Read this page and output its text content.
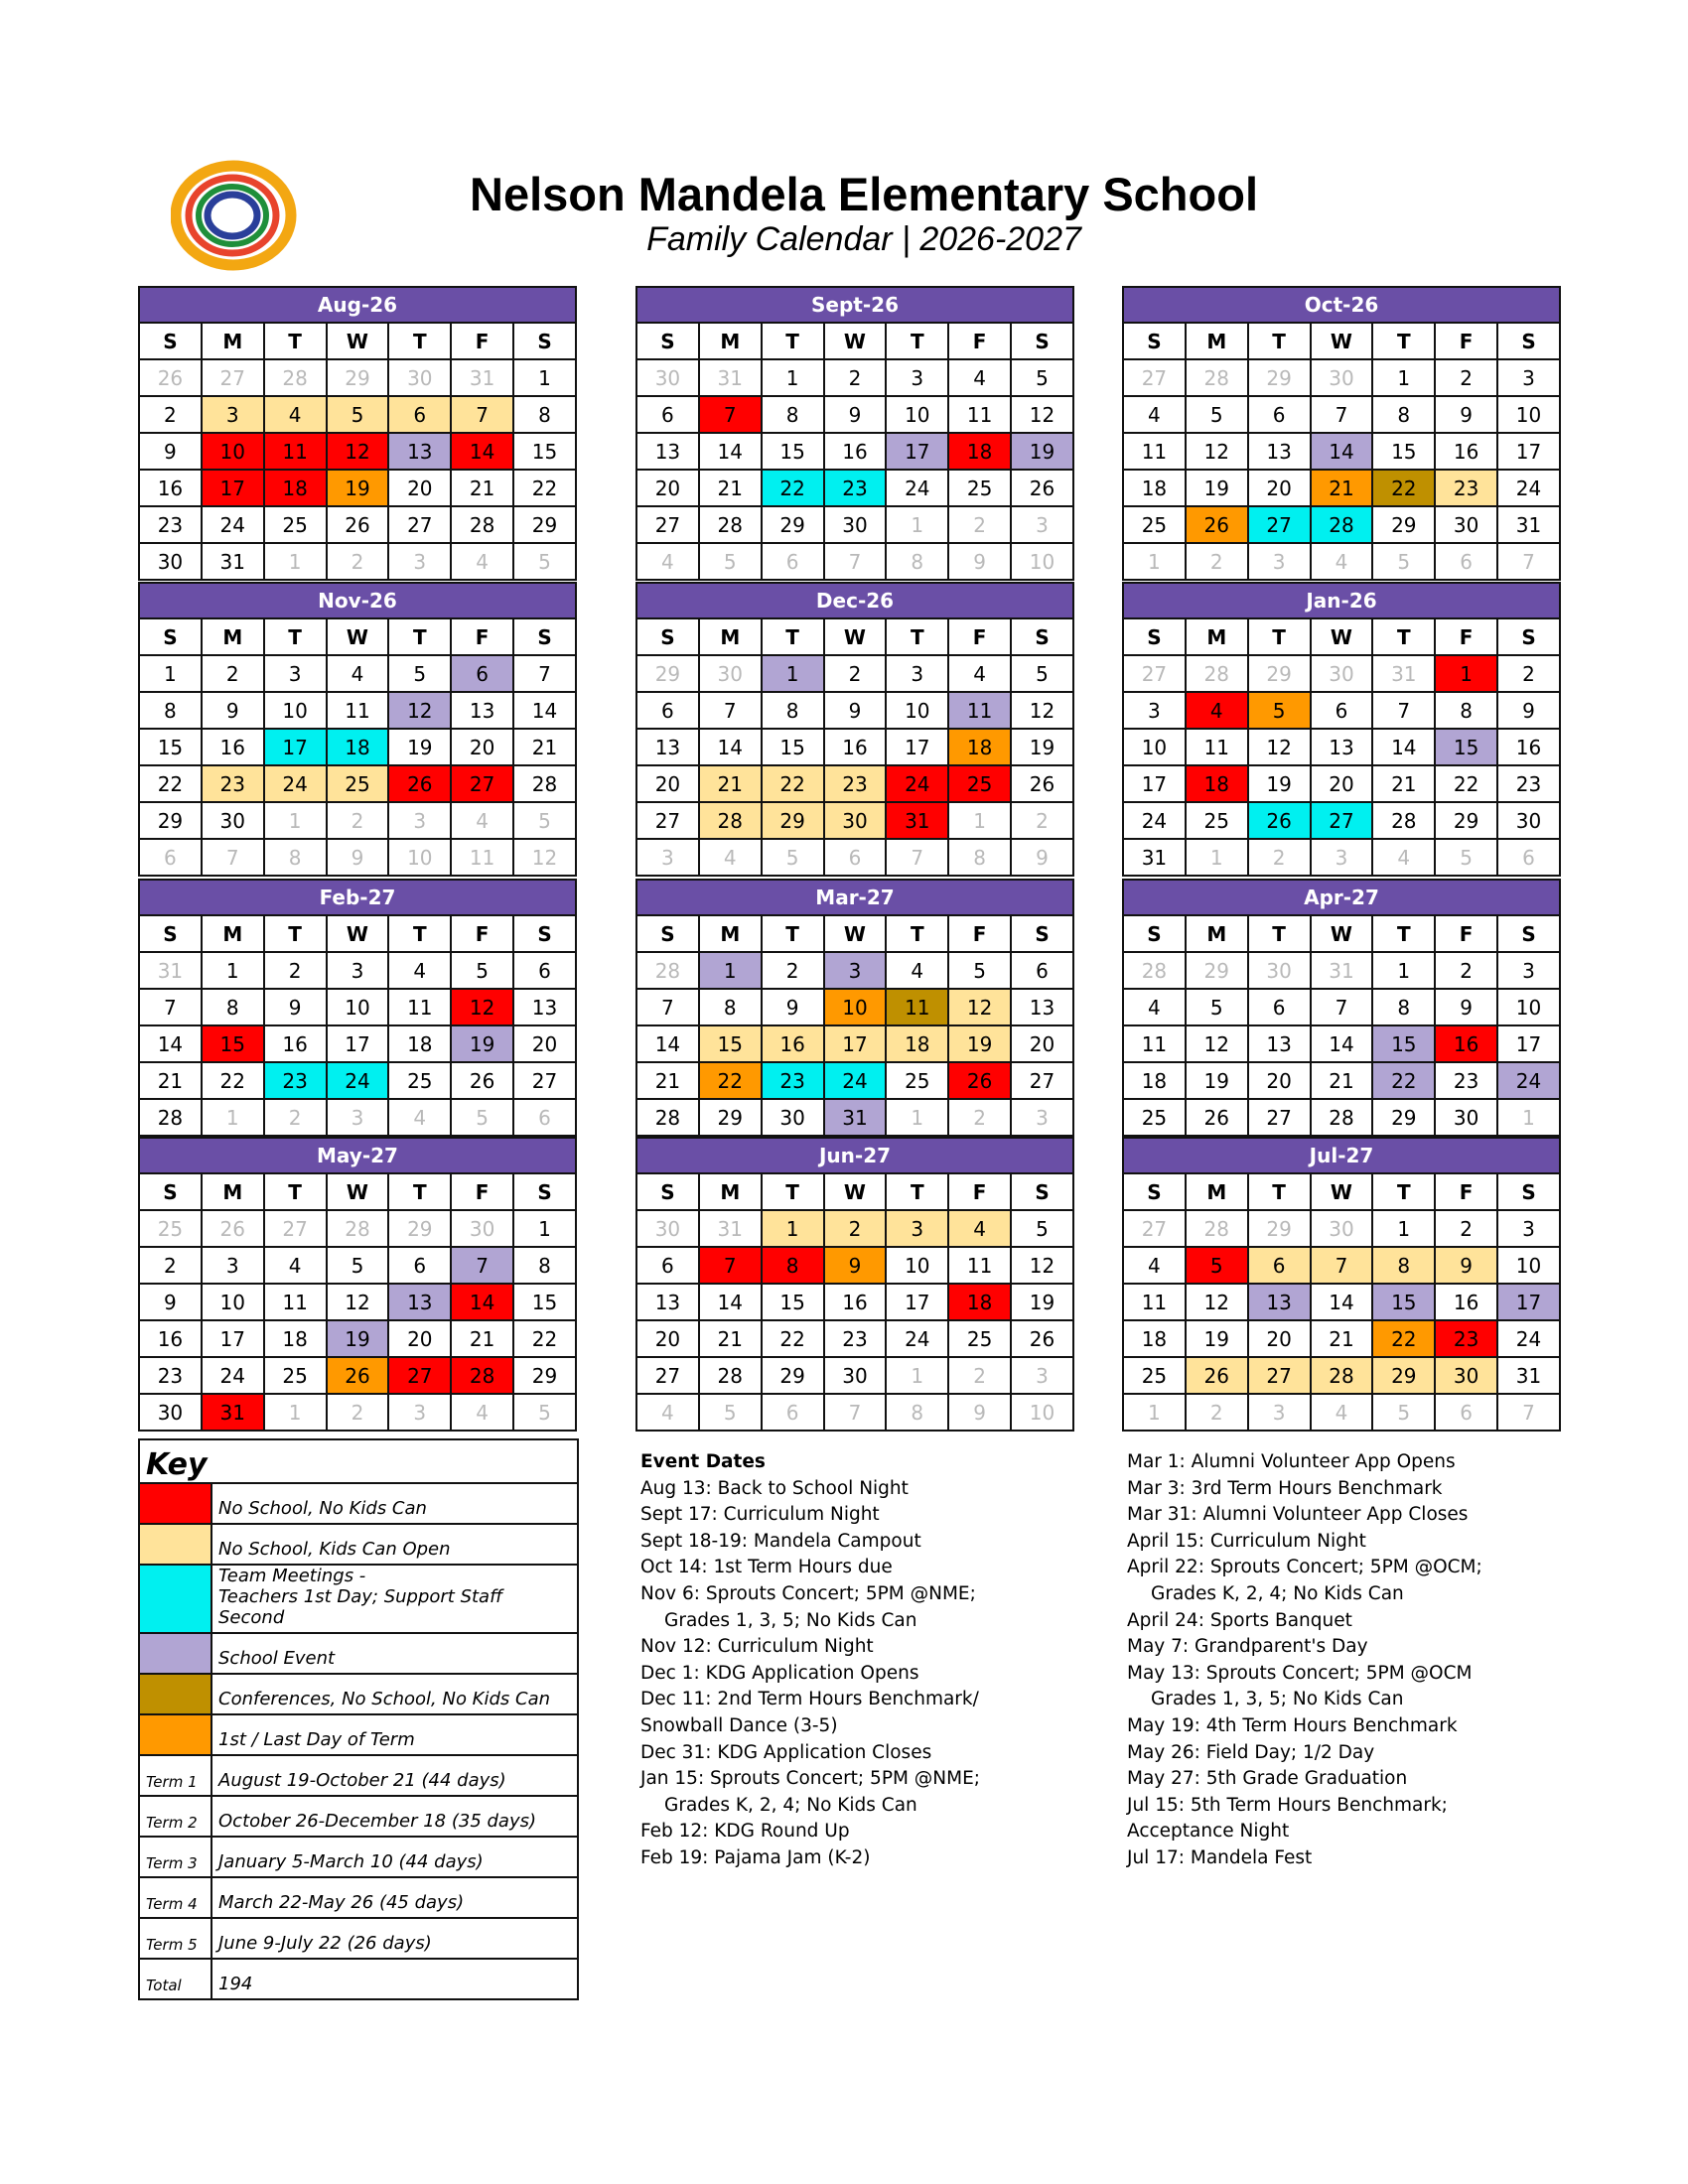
Nelson Mandela Elementary School
Family Calendar | 2026-2027
Aug-26						
S	M	T	W	T	F	S
26	27	28	29	30	31	1
2	3	4	5	6	7	8
9	10	11	12	13	14	15
16	17	18	19	20	21	22
23	24	25	26	27	28	29
30	31	1	2	3	4	5
Sept-26						
S	M	T	W	T	F	S
30	31	1	2	3	4	5
6	7	8	9	10	11	12
13	14	15	16	17	18	19
20	21	22	23	24	25	26
27	28	29	30	1	2	3
4	5	6	7	8	9	10
Oct-26						
S	M	T	W	T	F	S
27	28	29	30	1	2	3
4	5	6	7	8	9	10
11	12	13	14	15	16	17
18	19	20	21	22	23	24
25	26	27	28	29	30	31
1	2	3	4	5	6	7
Nov-26						
S	M	T	W	T	F	S
1	2	3	4	5	6	7
8	9	10	11	12	13	14
15	16	17	18	19	20	21
22	23	24	25	26	27	28
29	30	1	2	3	4	5
6	7	8	9	10	11	12
Dec-26						
S	M	T	W	T	F	S
29	30	1	2	3	4	5
6	7	8	9	10	11	12
13	14	15	16	17	18	19
20	21	22	23	24	25	26
27	28	29	30	31	1	2
3	4	5	6	7	8	9
Jan-26						
S	M	T	W	T	F	S
27	28	29	30	31	1	2
3	4	5	6	7	8	9
10	11	12	13	14	15	16
17	18	19	20	21	22	23
24	25	26	27	28	29	30
31	1	2	3	4	5	6
Feb-27						
S	M	T	W	T	F	S
31	1	2	3	4	5	6
7	8	9	10	11	12	13
14	15	16	17	18	19	20
21	22	23	24	25	26	27
28	1	2	3	4	5	6
Mar-27						
S	M	T	W	T	F	S
28	1	2	3	4	5	6
7	8	9	10	11	12	13
14	15	16	17	18	19	20
21	22	23	24	25	26	27
28	29	30	31	1	2	3
Apr-27						
S	M	T	W	T	F	S
28	29	30	31	1	2	3
4	5	6	7	8	9	10
11	12	13	14	15	16	17
18	19	20	21	22	23	24
25	26	27	28	29	30	1
May-27						
S	M	T	W	T	F	S
25	26	27	28	29	30	1
2	3	4	5	6	7	8
9	10	11	12	13	14	15
16	17	18	19	20	21	22
23	24	25	26	27	28	29
30	31	1	2	3	4	5
Jun-27						
S	M	T	W	T	F	S
30	31	1	2	3	4	5
6	7	8	9	10	11	12
13	14	15	16	17	18	19
20	21	22	23	24	25	26
27	28	29	30	1	2	3
4	5	6	7	8	9	10
Jul-27						
S	M	T	W	T	F	S
27	28	29	30	1	2	3
4	5	6	7	8	9	10
11	12	13	14	15	16	17
18	19	20	21	22	23	24
25	26	27	28	29	30	31
1	2	3	4	5	6	7
Key	
	No School, No Kids Can
	No School, Kids Can Open

	Team Meetings -
Teachers 1st Day; Support Staff Second

	School Event
	Conferences, No School, No Kids Can
	1st / Last Day of Term
Term 1	August 19-October 21 (44 days)
Term 2	October 26-December 18 (35 days)
Term 3	January 5-March 10 (44 days)
Term 4	March 22-May 26 (45 days)
Term 5	June 9-July 22 (26 days)
Total	194
Event Dates
Aug 13: Back to School Night
Sept 17: Curriculum Night
Sept 18-19: Mandela Campout
Oct 14: 1st Term Hours due
Nov 6: Sprouts Concert; 5PM @NME;
Grades 1, 3, 5; No Kids Can
Nov 12: Curriculum Night
Dec 1: KDG Application Opens
Dec 11: 2nd Term Hours Benchmark/
Snowball Dance (3-5)
Dec 31: KDG Application Closes
Jan 15: Sprouts Concert; 5PM @NME;
Grades K, 2, 4; No Kids Can
Feb 12: KDG Round Up
Feb 19: Pajama Jam (K-2)
Mar 1: Alumni Volunteer App Opens
Mar 3: 3rd Term Hours Benchmark
Mar 31: Alumni Volunteer App Closes
April 15: Curriculum Night
April 22: Sprouts Concert; 5PM @OCM;
Grades K, 2, 4; No Kids Can
April 24: Sports Banquet
May 7: Grandparent's Day
May 13: Sprouts Concert; 5PM @OCM
Grades 1, 3, 5; No Kids Can
May 19: 4th Term Hours Benchmark
May 26: Field Day; 1/2 Day
May 27: 5th Grade Graduation
Jul 15: 5th Term Hours Benchmark;
Acceptance Night
Jul 17: Mandela Fest
